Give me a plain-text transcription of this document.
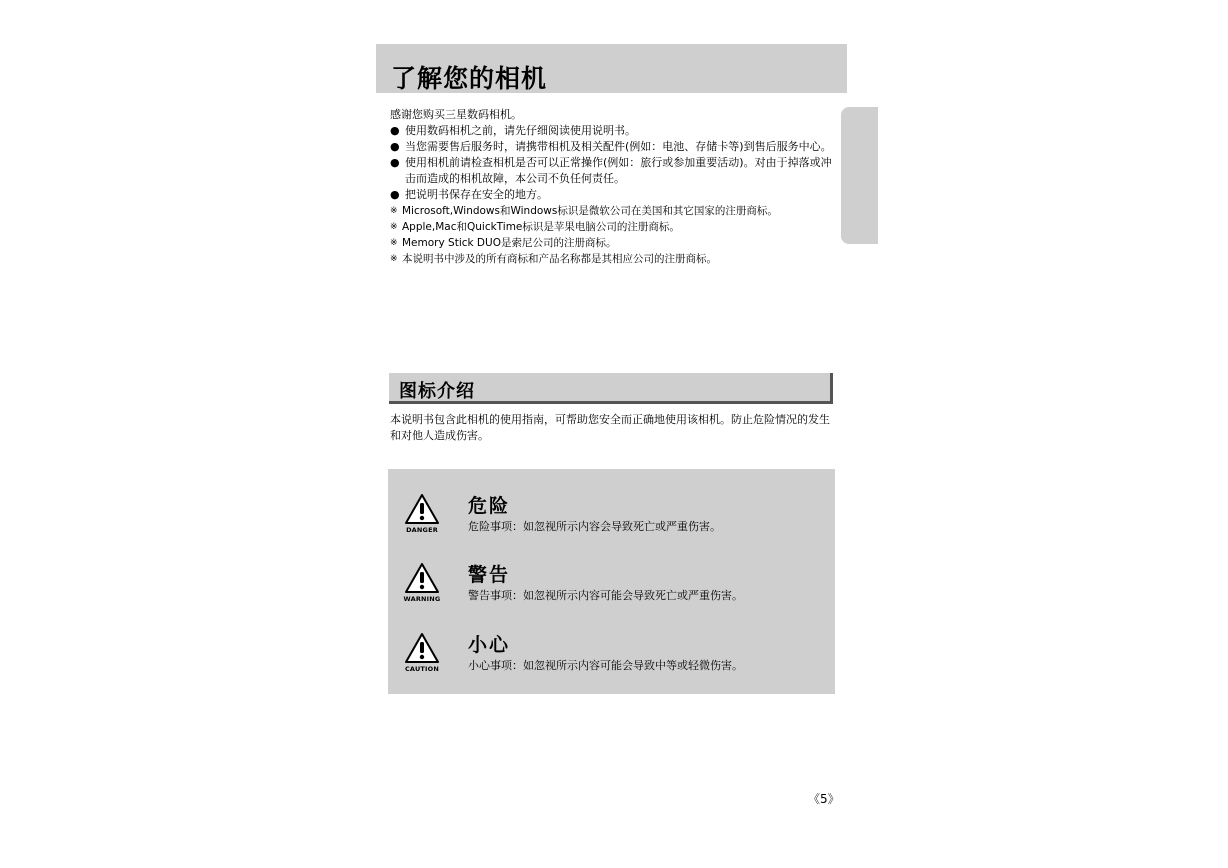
了解您的相机

感谢您购买三星数码相机。

● 使用数码相机之前，请先仔细阅读使用说明书。
● 当您需要售后服务时，请携带相机及相关配件(例如：电池、存储卡等)到售后服务中心。
● 使用相机前请检查相机是否可以正常操作(例如：旅行或参加重要活动)。对由于掉落或冲击而造成的相机故障，本公司不负任何责任。
● 把说明书保存在安全的地方。
※ Microsoft,Windows和Windows标识是微软公司在美国和其它国家的注册商标。
※ Apple,Mac和QuickTime标识是苹果电脑公司的注册商标。
※ Memory Stick DUO是索尼公司的注册商标。
※ 本说明书中涉及的所有商标和产品名称都是其相应公司的注册商标。
图标介绍
本说明书包含此相机的使用指南，可帮助您安全而正确地使用该相机。防止危险情况的发生和对他人造成伤害。
DANGER
危险
危险事项：如忽视所示内容会导致死亡或严重伤害。
WARNING
警告
警告事项：如忽视所示内容可能会导致死亡或严重伤害。
CAUTION
小心
小心事项：如忽视所示内容可能会导致中等或轻微伤害。
《5》
